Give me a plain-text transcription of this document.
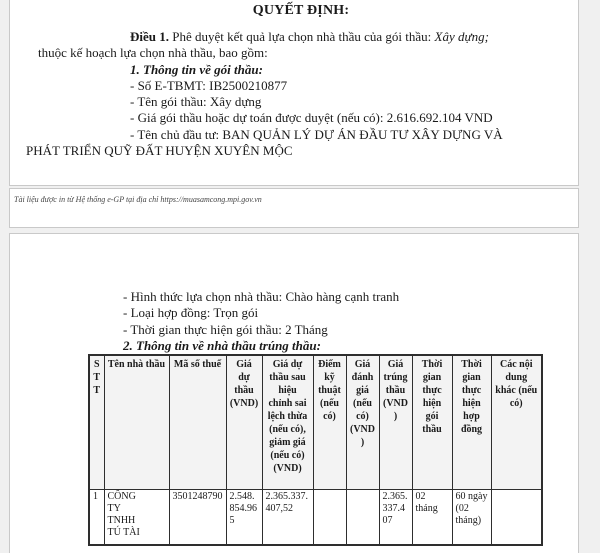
QUYẾT ĐỊNH:
Điều 1. Phê duyệt kết quả lựa chọn nhà thầu của gói thầu: Xây dựng;
thuộc kế hoạch lựa chọn nhà thầu, bao gồm:
1. Thông tin về gói thầu:
- Số E-TBMT: IB2500210877
- Tên gói thầu: Xây dựng
- Giá gói thầu hoặc dự toán được duyệt (nếu có): 2.616.692.104 VND
- Tên chủ đầu tư: BAN QUẢN LÝ DỰ ÁN ĐẦU TƯ XÂY DỰNG VÀ
PHÁT TRIỂN QUỸ ĐẤT HUYỆN XUYÊN MỘC
Tài liệu được in từ Hệ thống e-GP tại địa chỉ https://muasamcong.mpi.gov.vn
- Hình thức lựa chọn nhà thầu: Chào hàng cạnh tranh
- Loại hợp đồng: Trọn gói
- Thời gian thực hiện gói thầu: 2 Tháng
2. Thông tin về nhà thầu trúng thầu:
STT	Tên nhà thầu	Mã số thuế	Giá dự thầu (VND)	Giá dự thầu sau hiệu chỉnh sai lệch thừa (nếu có), giảm giá (nếu có) (VND)	Điểm kỹ thuật (nếu có)	Giá đánh giá (nếu có) (VND)	Giá trúng thầu (VND)	Thời gian thực hiện gói thầu	Thời gian thực hiện hợp đồng	Các nội dung khác (nếu có)
1	CÔNG TY TNHH TÚ TÀI	3501248790	2.548.854.965	2.365.337.407,52			2.365.337.407	02 tháng	60 ngày (02 tháng)	
